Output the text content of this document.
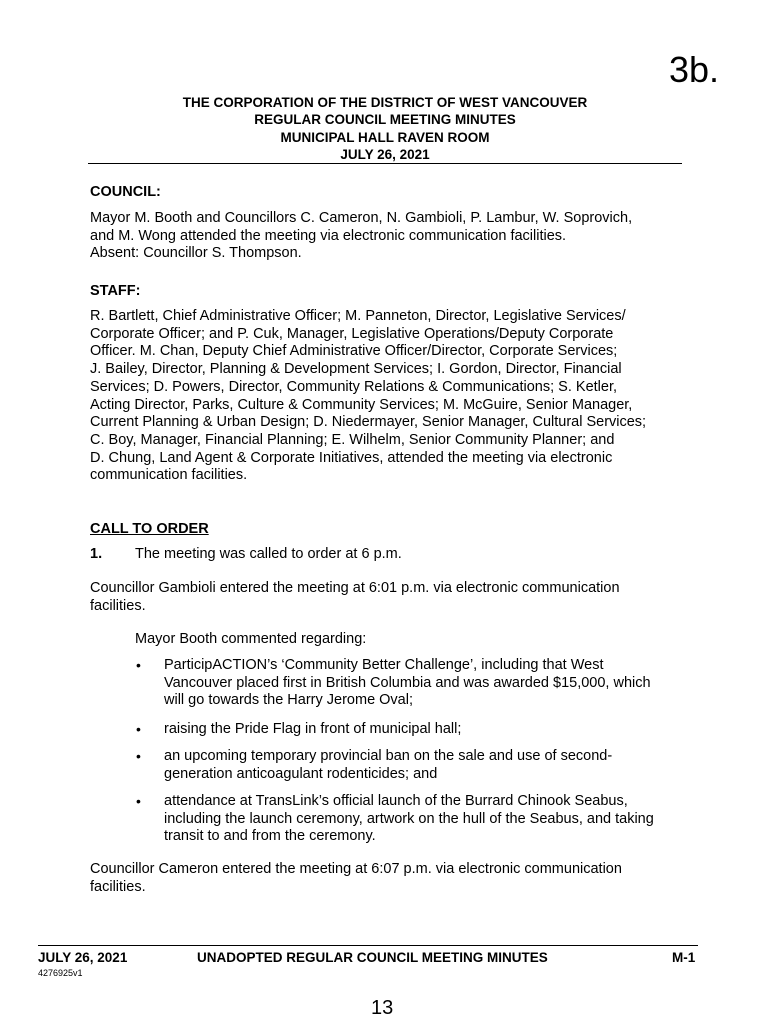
3b.
THE CORPORATION OF THE DISTRICT OF WEST VANCOUVER
REGULAR COUNCIL MEETING MINUTES
MUNICIPAL HALL RAVEN ROOM
JULY 26, 2021
COUNCIL:
Mayor M. Booth and Councillors C. Cameron, N. Gambioli, P. Lambur, W. Soprovich,
and M. Wong attended the meeting via electronic communication facilities.
Absent: Councillor S. Thompson.
STAFF:
R. Bartlett, Chief Administrative Officer; M. Panneton, Director, Legislative Services/
Corporate Officer; and P. Cuk, Manager, Legislative Operations/Deputy Corporate
Officer. M. Chan, Deputy Chief Administrative Officer/Director, Corporate Services;
J. Bailey, Director, Planning & Development Services; I. Gordon, Director, Financial
Services; D. Powers, Director, Community Relations & Communications; S. Ketler,
Acting Director, Parks, Culture & Community Services; M. McGuire, Senior Manager,
Current Planning & Urban Design; D. Niedermayer, Senior Manager, Cultural Services;
C. Boy, Manager, Financial Planning; E. Wilhelm, Senior Community Planner; and
D. Chung, Land Agent & Corporate Initiatives, attended the meeting via electronic
communication facilities.
CALL TO ORDER
1. The meeting was called to order at 6 p.m.
Councillor Gambioli entered the meeting at 6:01 p.m. via electronic communication
facilities.
Mayor Booth commented regarding:
• ParticipACTION’s ‘Community Better Challenge’, including that West
Vancouver placed first in British Columbia and was awarded $15,000, which
will go towards the Harry Jerome Oval;
• raising the Pride Flag in front of municipal hall;
• an upcoming temporary provincial ban on the sale and use of second-
generation anticoagulant rodenticides; and
• attendance at TransLink’s official launch of the Burrard Chinook Seabus,
including the launch ceremony, artwork on the hull of the Seabus, and taking
transit to and from the ceremony.
Councillor Cameron entered the meeting at 6:07 p.m. via electronic communication
facilities.
JULY 26, 2021	UNADOPTED REGULAR COUNCIL MEETING MINUTES	M-1
4276925v1
13
